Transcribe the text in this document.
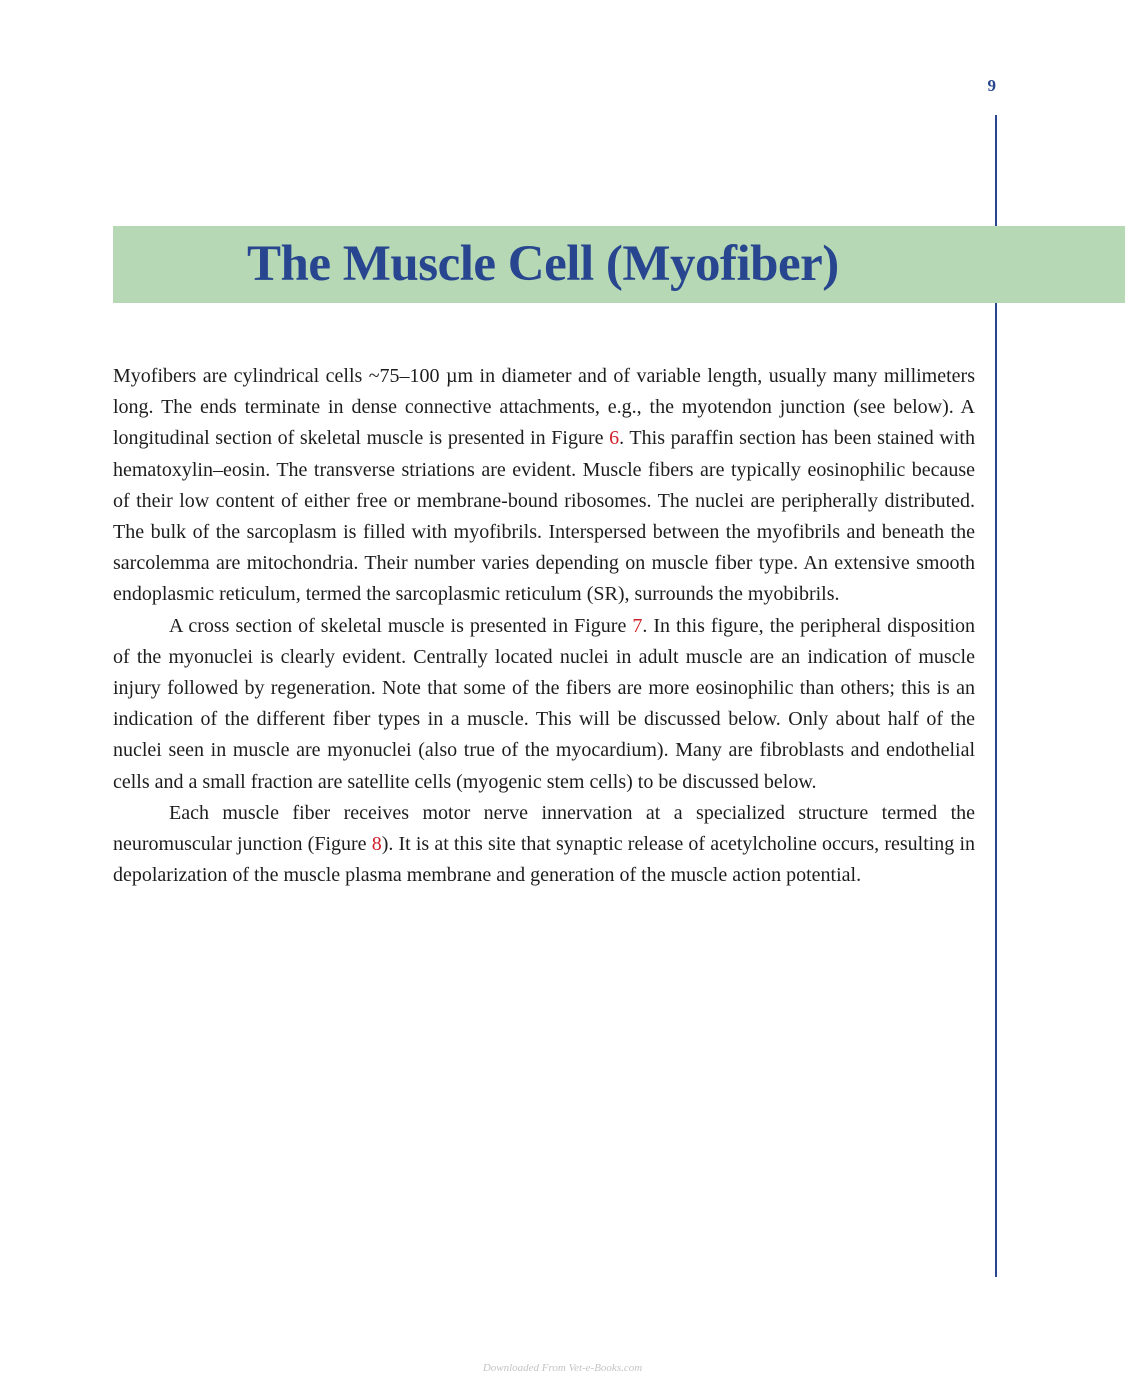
9
The Muscle Cell (Myofiber)

Myofibers are cylindrical cells ~75–100 µm in diameter and of variable length, usually many millimeters long. The ends terminate in dense connective attachments, e.g., the myotendon junction (see below). A longitudinal section of skeletal muscle is presented in Figure 6. This paraffin section has been stained with hematoxylin–eosin. The transverse striations are evident. Muscle fibers are typically eosinophilic because of their low content of either free or membrane-bound ribosomes. The nuclei are peripherally distributed. The bulk of the sarcoplasm is filled with myofibrils. Interspersed between the myofibrils and beneath the sarcolemma are mitochondria. Their number varies depending on muscle fiber type. An extensive smooth endoplasmic reticulum, termed the sarcoplasmic reticulum (SR), surrounds the myobibrils.

A cross section of skeletal muscle is presented in Figure 7. In this figure, the peripheral disposition of the myonuclei is clearly evident. Centrally located nuclei in adult muscle are an indication of muscle injury followed by regeneration. Note that some of the fibers are more eosinophilic than others; this is an indication of the different fiber types in a muscle. This will be discussed below. Only about half of the nuclei seen in muscle are myonuclei (also true of the myocardium). Many are fibroblasts and endothelial cells and a small fraction are satellite cells (myogenic stem cells) to be discussed below.

Each muscle fiber receives motor nerve innervation at a specialized structure termed the neuromuscular junction (Figure 8). It is at this site that synaptic release of acetylcholine occurs, resulting in depolarization of the muscle plasma membrane and generation of the muscle action potential.

Downloaded From Vet-e-Books.com
